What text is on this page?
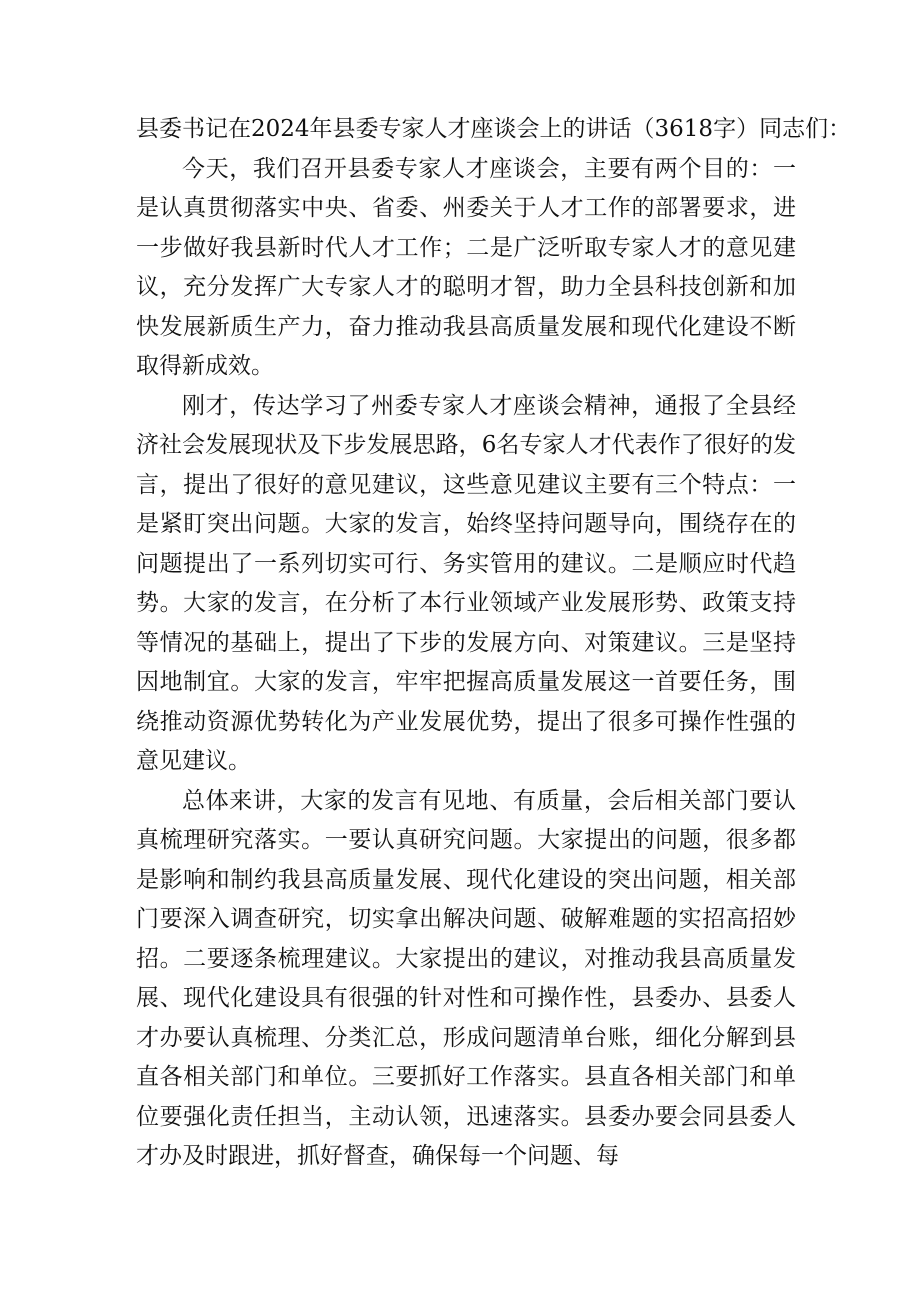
县委书记在2024年县委专家人才座谈会上的讲话（3618字）同志们：

今天，我们召开县委专家人才座谈会，主要有两个目的：一是认真贯彻落实中央、省委、州委关于人才工作的部署要求，进一步做好我县新时代人才工作；二是广泛听取专家人才的意见建议，充分发挥广大专家人才的聪明才智，助力全县科技创新和加快发展新质生产力，奋力推动我县高质量发展和现代化建设不断取得新成效。

刚才，传达学习了州委专家人才座谈会精神，通报了全县经济社会发展现状及下步发展思路，6名专家人才代表作了很好的发言，提出了很好的意见建议，这些意见建议主要有三个特点：一是紧盯突出问题。大家的发言，始终坚持问题导向，围绕存在的问题提出了一系列切实可行、务实管用的建议。二是顺应时代趋势。大家的发言，在分析了本行业领域产业发展形势、政策支持等情况的基础上，提出了下步的发展方向、对策建议。三是坚持因地制宜。大家的发言，牢牢把握高质量发展这一首要任务，围绕推动资源优势转化为产业发展优势，提出了很多可操作性强的意见建议。

总体来讲，大家的发言有见地、有质量，会后相关部门要认真梳理研究落实。一要认真研究问题。大家提出的问题，很多都是影响和制约我县高质量发展、现代化建设的突出问题，相关部门要深入调查研究，切实拿出解决问题、破解难题的实招高招妙招。二要逐条梳理建议。大家提出的建议，对推动我县高质量发展、现代化建设具有很强的针对性和可操作性，县委办、县委人才办要认真梳理、分类汇总，形成问题清单台账，细化分解到县直各相关部门和单位。三要抓好工作落实。县直各相关部门和单位要强化责任担当，主动认领，迅速落实。县委办要会同县委人才办及时跟进，抓好督查，确保每一个问题、每
